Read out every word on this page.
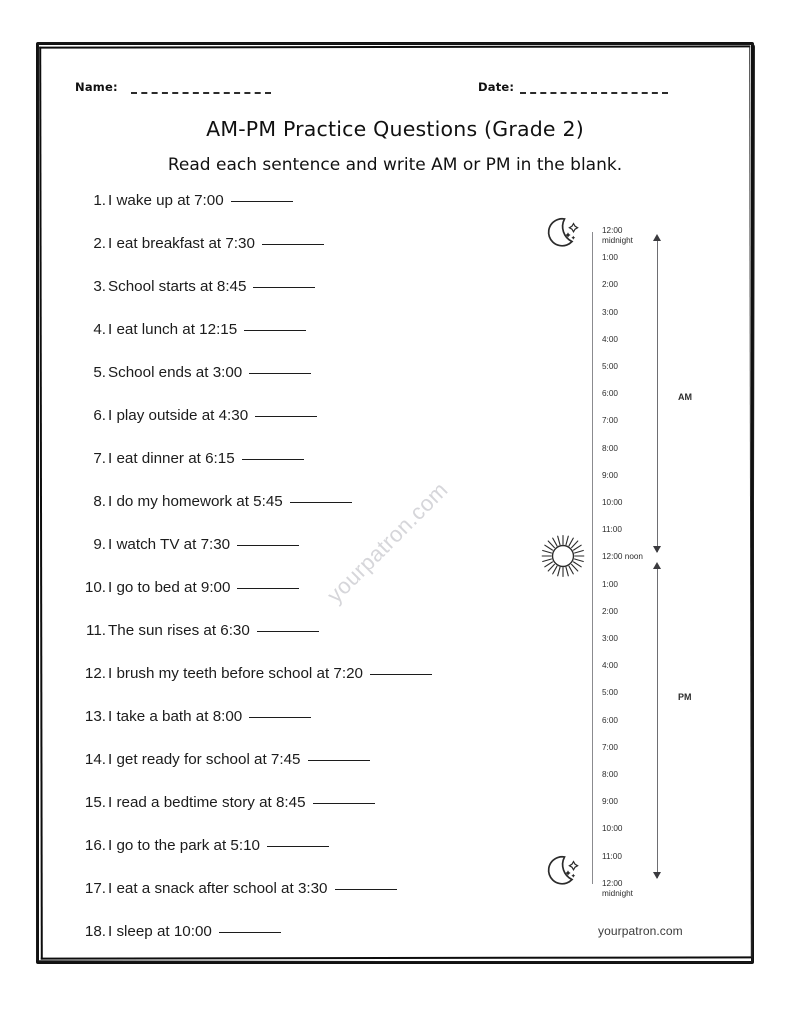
yourpatron.com
Name:	Date:
AM-PM Practice Questions (Grade 2)
Read each sentence and write AM or PM in the blank.
1. I wake up at 7:00
2. I eat breakfast at 7:30
3. School starts at 8:45
4. I eat lunch at 12:15
5. School ends at 3:00
6. I play outside at 4:30
7. I eat dinner at 6:15
8. I do my homework at 5:45
9. I watch TV at 7:30
10. I go to bed at 9:00
11. The sun rises at 6:30
12. I brush my teeth before school at 7:20
13. I take a bath at 8:00
14. I get ready for school at 7:45
15. I read a bedtime story at 8:45
16. I go to the park at 5:10
17. I eat a snack after school at 3:30
18. I sleep at 10:00
12:00
midnight
11:00
10:00
9:00
8:00
7:00
6:00
5:00
4:00
3:00
2:00
1:00
12:00 noon
11:00
10:00
9:00
8:00
7:00
6:00
5:00
4:00
3:00
2:00
1:00
12:00
midnight
AM
PM
yourpatron.com
